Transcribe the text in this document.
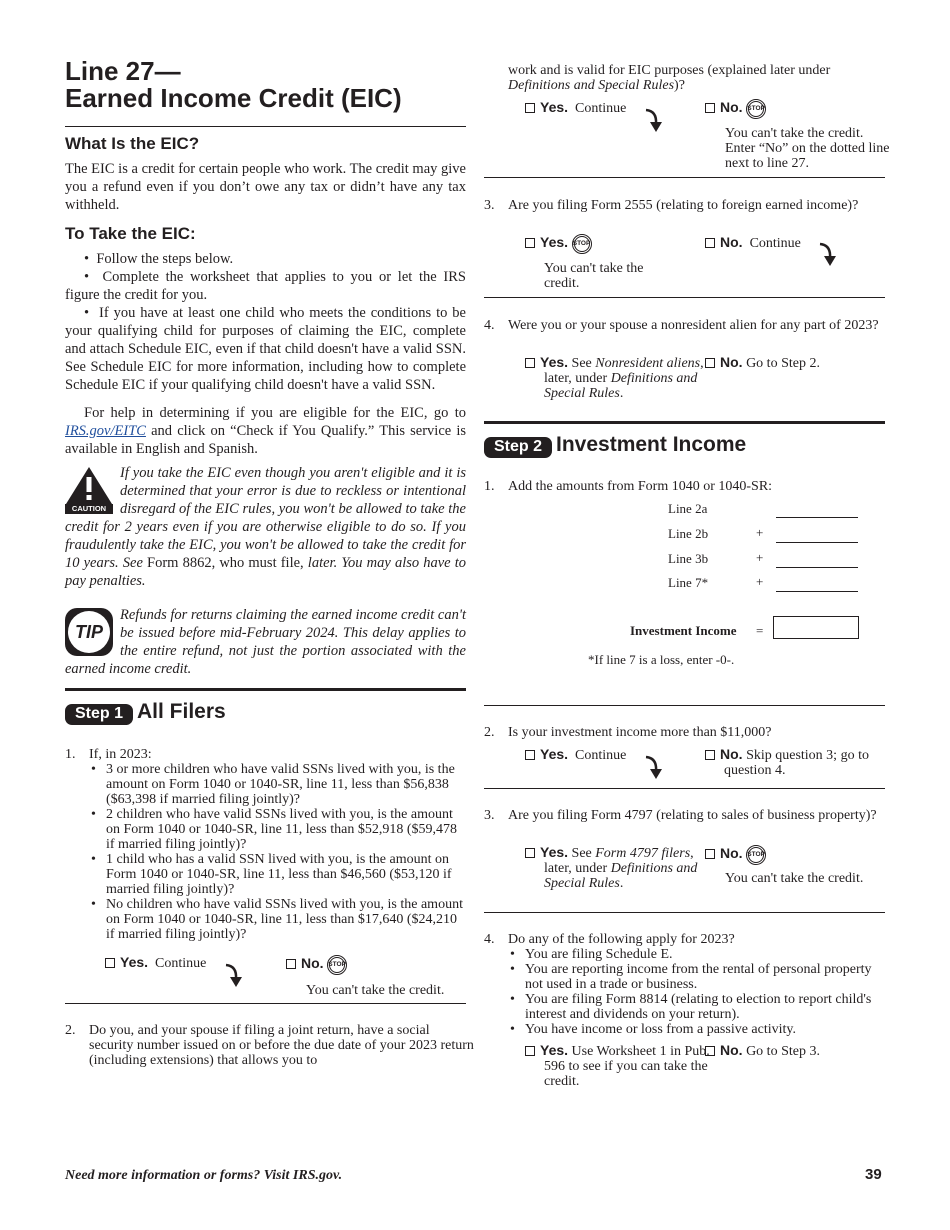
Line 27—
Earned Income Credit (EIC)
What Is the EIC?
The EIC is a credit for certain people who work. The credit may give you a refund even if you don’t owe any tax or didn’t have any tax withheld.
To Take the EIC:
•  Follow the steps below.
•  Complete the worksheet that applies to you or let the IRS figure the credit for you.
•  If you have at least one child who meets the conditions to be your qualifying child for purposes of claiming the EIC, complete and attach Schedule EIC, even if that child doesn't have a valid SSN. See Schedule EIC for more information, including how to complete Schedule EIC if your qualifying child doesn't have a valid SSN.
For help in determining if you are eligible for the EIC, go to IRS.gov/EITC and click on “Check if You Qualify.” This service is available in English and Spanish.
CAUTION
If you take the EIC even though you aren't eligible and it is determined that your error is due to reckless or intentional disregard of the EIC rules, you won't be allowed to take the credit for 2 years even if you are otherwise eligible to do so. If you fraudulently take the EIC, you won't be allowed to take the credit for 10 years. See Form 8862, who must file, later. You may also have to pay penalties.
TIP
Refunds for returns claiming the earned income credit can't be issued before mid-February 2024. This delay applies to the entire refund, not just the portion associated with the earned income credit.
Step 1 All Filers
1. If, in 2023:
• 3 or more children who have valid SSNs lived with you, is the amount on Form 1040 or 1040-SR, line 11, less than $56,838 ($63,398 if married filing jointly)?
• 2 children who have valid SSNs lived with you, is the amount on Form 1040 or 1040-SR, line 11, less than $52,918 ($59,478 if married filing jointly)?
• 1 child who has a valid SSN lived with you, is the amount on Form 1040 or 1040-SR, line 11, less than $46,560 ($53,120 if married filing jointly)?
• No children who have valid SSNs lived with you, is the amount on Form 1040 or 1040-SR, line 11, less than $17,640 ($24,210 if married filing jointly)?
Yes. Continue	No. STOP
You can't take the credit.
2. Do you, and your spouse if filing a joint return, have a social security number issued on or before the due date of your 2023 return (including extensions) that allows you to
work and is valid for EIC purposes (explained later under
Definitions and Special Rules)?
Yes. Continue	No. STOP
You can't take the credit. Enter “No” on the dotted line next to line 27.
3. Are you filing Form 2555 (relating to foreign earned income)?
Yes. STOP
You can't take the credit.
No. Continue
4. Were you or your spouse a nonresident alien for any part of 2023?
Yes. See Nonresident aliens, later, under Definitions and Special Rules.
No. Go to Step 2.
Step 2 Investment Income
1. Add the amounts from Form 1040 or 1040-SR:
Line 2a
Line 2b	+
Line 3b	+
Line 7*	+
Investment Income =
*If line 7 is a loss, enter -0-.
2. Is your investment income more than $11,000?
Yes. Continue	No. Skip question 3; go to question 4.
3. Are you filing Form 4797 (relating to sales of business property)?
Yes. See Form 4797 filers, later, under Definitions and Special Rules.
No. STOP
You can't take the credit.
4. Do any of the following apply for 2023?
• You are filing Schedule E.
• You are reporting income from the rental of personal property not used in a trade or business.
• You are filing Form 8814 (relating to election to report child's interest and dividends on your return).
• You have income or loss from a passive activity.
Yes. Use Worksheet 1 in Pub. 596 to see if you can take the credit.
No. Go to Step 3.
Need more information or forms? Visit IRS.gov.	39
